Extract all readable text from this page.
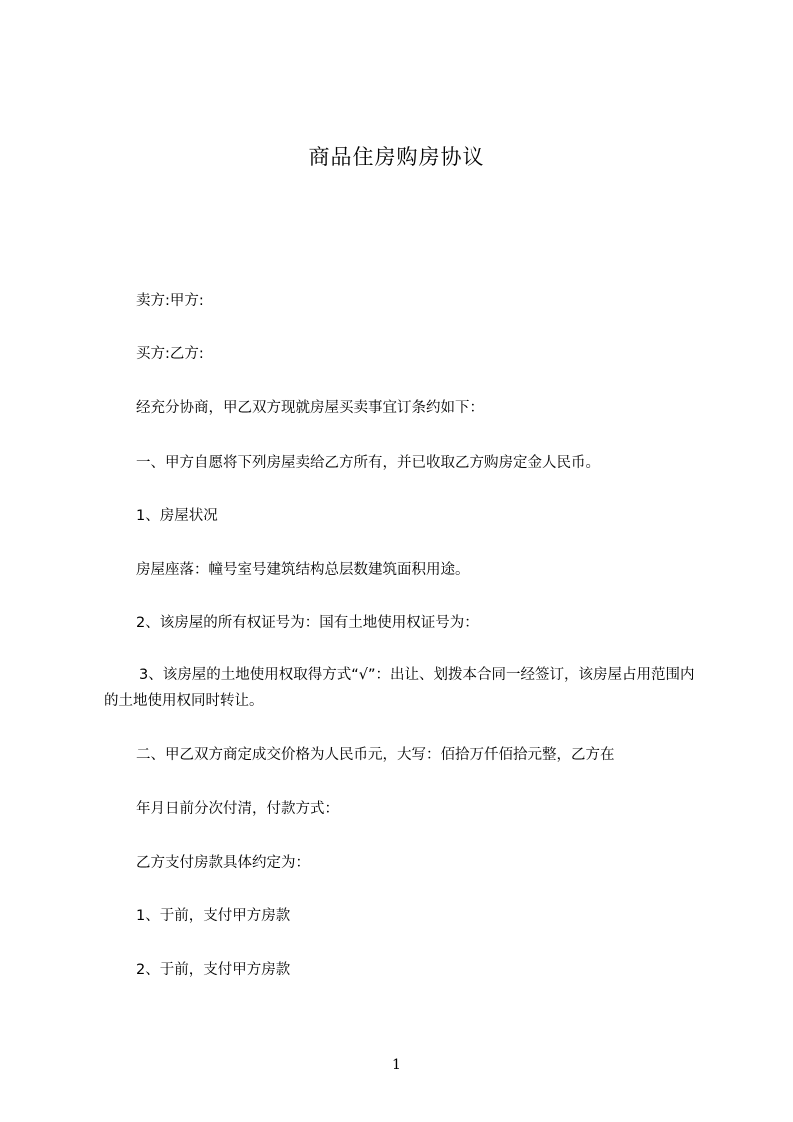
商品住房购房协议
卖方:甲方:
买方:乙方:
经充分协商，甲乙双方现就房屋买卖事宜订条约如下：
一、甲方自愿将下列房屋卖给乙方所有，并已收取乙方购房定金人民币。
1、房屋状况
房屋座落：幢号室号建筑结构总层数建筑面积用途。
2、该房屋的所有权证号为：国有土地使用权证号为：
3、该房屋的土地使用权取得方式“√”：出让、划拨本合同一经签订，该房屋占用范围内的土地使用权同时转让。
二、甲乙双方商定成交价格为人民币元，大写：佰拾万仟佰拾元整，乙方在
年月日前分次付清，付款方式：
乙方支付房款具体约定为：
1、于前，支付甲方房款
2、于前，支付甲方房款
1
